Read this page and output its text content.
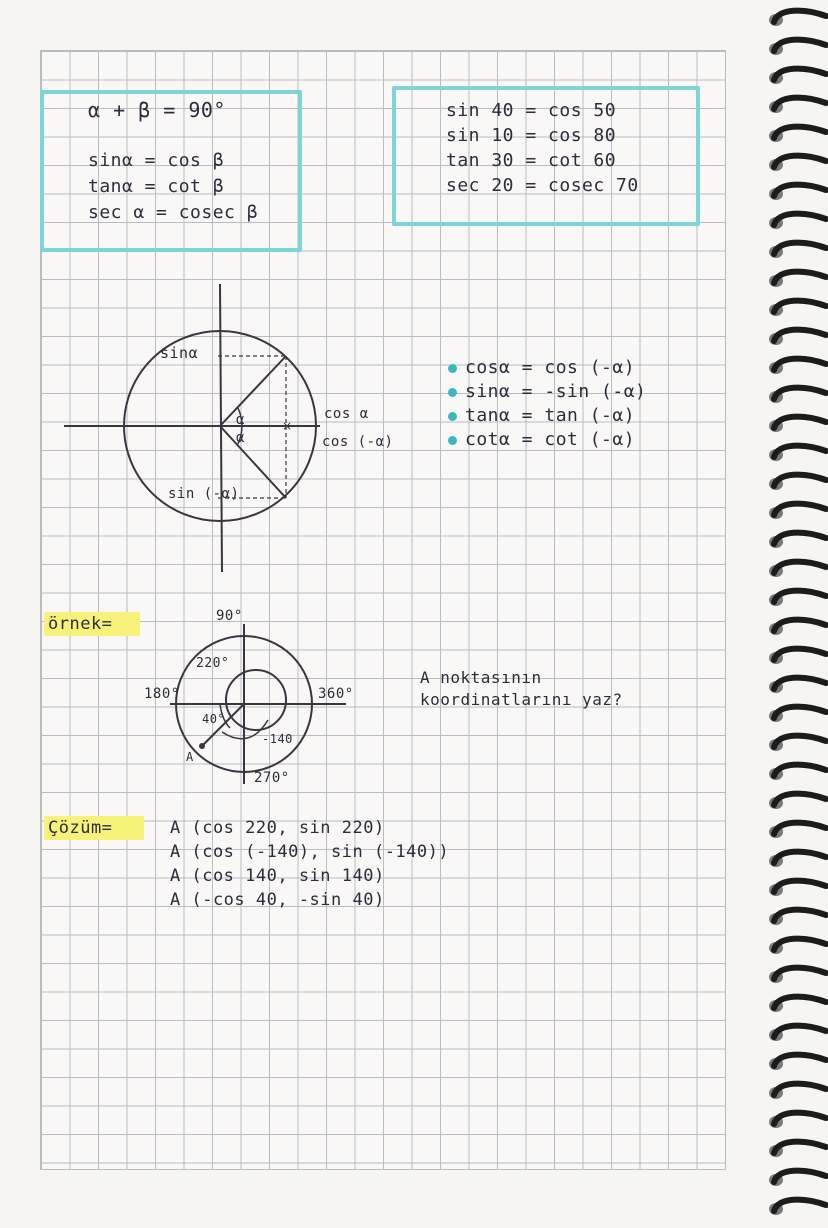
α + β = 90°
sinα = cos β
tanα = cot β
sec α = cosec β
sin 40 = cos 50
sin 10 = cos 80
tan 30 = cot 60
sec 20 = cosec 70
×
sinα
sin (-α)
α
α
cos α
cos (-α)

cosα = cos (-α)

sinα = -sin (-α)

tanα = tan (-α)

cotα = cot (-α)

örnek=	90°
220°
180°	360°
40°
-140
A
270°
A noktasının
koordinatlarını yaz?
Çözüm=	A (cos 220, sin 220)
A (cos (-140), sin (-140))
A (cos 140, sin 140)
A (-cos 40, -sin 40)
